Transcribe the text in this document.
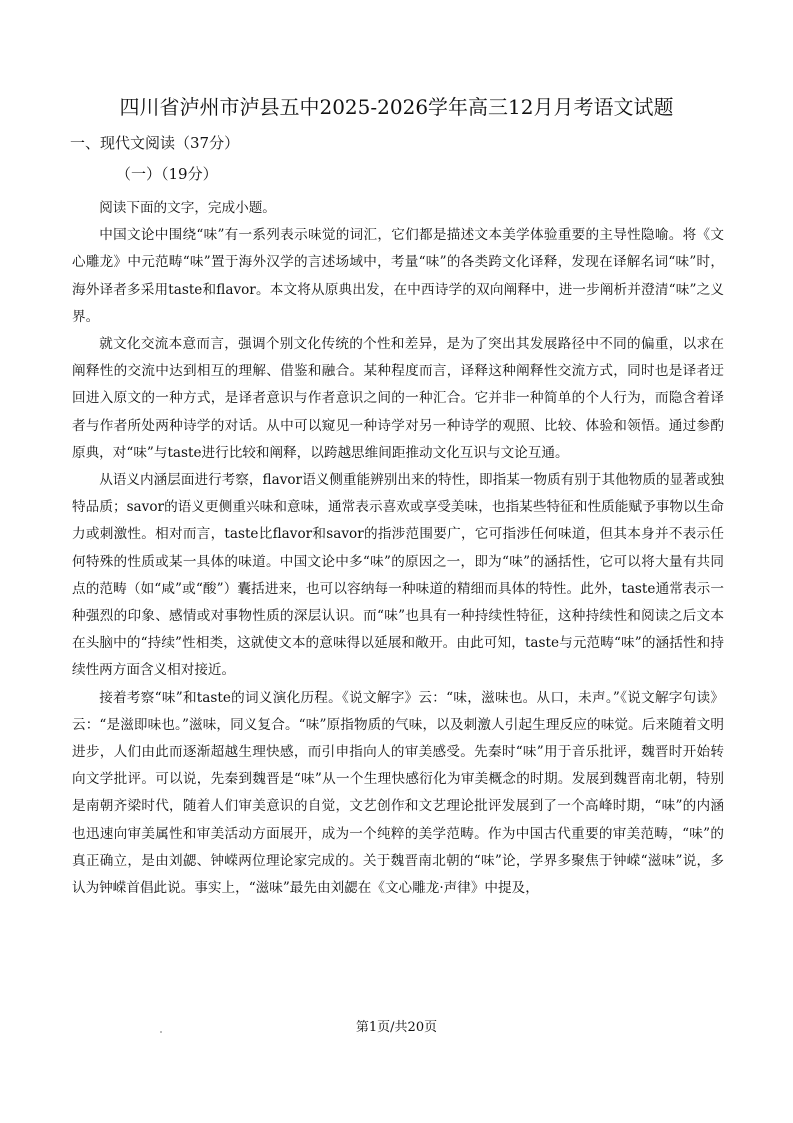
四川省泸州市泸县五中2025-2026学年高三12月月考语文试题
一、现代文阅读（37分）
（一）（19分）

阅读下面的文字，完成小题。

中国文论中围绕“味”有一系列表示味觉的词汇，它们都是描述文本美学体验重要的主导性隐喻。将《文心雕龙》中元范畴“味”置于海外汉学的言述场域中，考量“味”的各类跨文化译释，发现在译解名词“味”时，海外译者多采用taste和flavor。本文将从原典出发，在中西诗学的双向阐释中，进一步阐析并澄清“味”之义界。

就文化交流本意而言，强调个别文化传统的个性和差异，是为了突出其发展路径中不同的偏重，以求在阐释性的交流中达到相互的理解、借鉴和融合。某种程度而言，译释这种阐释性交流方式，同时也是译者迂回进入原文的一种方式，是译者意识与作者意识之间的一种汇合。它并非一种简单的个人行为，而隐含着译者与作者所处两种诗学的对话。从中可以窥见一种诗学对另一种诗学的观照、比较、体验和领悟。通过参酌原典，对“味”与taste进行比较和阐释，以跨越思维间距推动文化互识与文论互通。

从语义内涵层面进行考察，flavor语义侧重能辨别出来的特性，即指某一物质有别于其他物质的显著或独特品质；savor的语义更侧重兴味和意味，通常表示喜欢或享受美味，也指某些特征和性质能赋予事物以生命力或刺激性。相对而言，taste比flavor和savor的指涉范围要广，它可指涉任何味道，但其本身并不表示任何特殊的性质或某一具体的味道。中国文论中多“味”的原因之一，即为“味”的涵括性，它可以将大量有共同点的范畴（如“咸”或“酸”）囊括进来，也可以容纳每一种味道的精细而具体的特性。此外，taste通常表示一种强烈的印象、感情或对事物性质的深层认识。而“味”也具有一种持续性特征，这种持续性和阅读之后文本在头脑中的“持续”性相类，这就使文本的意味得以延展和敞开。由此可知，taste与元范畴“味”的涵括性和持续性两方面含义相对接近。

接着考察“味”和taste的词义演化历程。《说文解字》云：“味，滋味也。从口，未声。”《说文解字句读》云：“是滋即味也。”滋味，同义复合。“味”原指物质的气味，以及刺激人引起生理反应的味觉。后来随着文明进步，人们由此而逐渐超越生理快感，而引申指向人的审美感受。先秦时“味”用于音乐批评，魏晋时开始转向文学批评。可以说，先秦到魏晋是“味”从一个生理快感衍化为审美概念的时期。发展到魏晋南北朝，特别是南朝齐梁时代，随着人们审美意识的自觉，文艺创作和文艺理论批评发展到了一个高峰时期，“味”的内涵也迅速向审美属性和审美活动方面展开，成为一个纯粹的美学范畴。作为中国古代重要的审美范畴，“味”的真正确立，是由刘勰、钟嵘两位理论家完成的。关于魏晋南北朝的“味”论，学界多聚焦于钟嵘“滋味”说，多认为钟嵘首倡此说。事实上，“滋味”最先由刘勰在《文心雕龙·声律》中提及，

第1页/共20页
